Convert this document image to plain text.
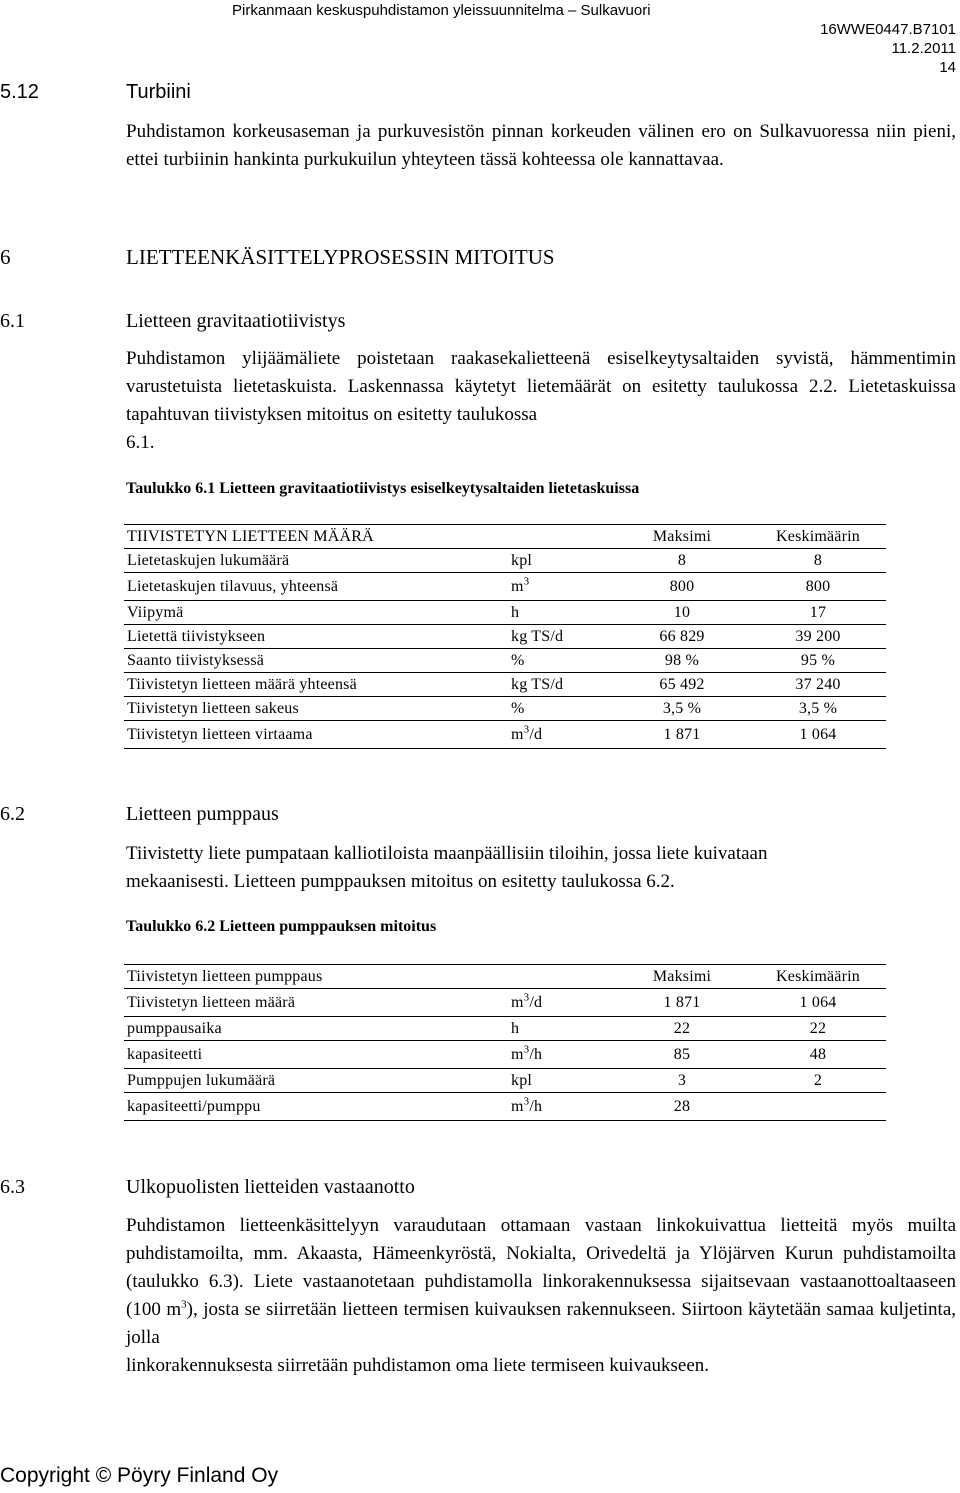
Pirkanmaan keskuspuhdistamon yleissuunnitelma – Sulkavuori
16WWE0447.B7101
11.2.2011
14
5.12	Turbiini
Puhdistamon korkeusaseman ja purkuvesistön pinnan korkeuden välinen ero on Sulkavuoressa niin pieni, ettei turbiinin hankinta purkukuilun yhteyteen tässä kohteessa ole kannattavaa.
6	LIETTEENKÄSITTELYPROSESSIN MITOITUS
6.1	Lietteen gravitaatiotiivistys
Puhdistamon ylijäämäliete poistetaan raakasekalietteenä esiselkeytysaltaiden syvistä, hämmentimin varustetuista lietetaskuista. Laskennassa käytetyt lietemäärät on esitetty taulukossa 2.2. Lietetaskuissa tapahtuvan tiivistyksen mitoitus on esitetty taulukossa
6.1.
Taulukko 6.1 Lietteen gravitaatiotiivistys esiselkeytysaltaiden lietetaskuissa
TIIVISTETYN LIETTEEN MÄÄRÄ		Maksimi	Keskimäärin
Lietetaskujen lukumäärä	kpl	8	8
Lietetaskujen tilavuus, yhteensä	$m^3$	800	800
Viipymä	h	10	17
Lietettä tiivistykseen	kg TS/d	66 829	39 200
Saanto tiivistyksessä	%	98 %	95 %
Tiivistetyn lietteen määrä yhteensä	kg TS/d	65 492	37 240
Tiivistetyn lietteen sakeus	%	3,5 %	3,5 %
Tiivistetyn lietteen virtaama	$m^3/d$	1 871	1 064
6.2	Lietteen pumppaus
Tiivistetty liete pumpataan kalliotiloista maanpäällisiin tiloihin, jossa liete kuivataan
mekaanisesti. Lietteen pumppauksen mitoitus on esitetty taulukossa 6.2.
Taulukko 6.2 Lietteen pumppauksen mitoitus
Tiivistetyn lietteen pumppaus		Maksimi	Keskimäärin
Tiivistetyn lietteen määrä	$m^3/d$	1 871	1 064
pumppausaika	h	22	22
kapasiteetti	$m^3/h$	85	48
Pumppujen lukumäärä	kpl	3	2
kapasiteetti/pumppu	$m^3/h$	28	
6.3	Ulkopuolisten lietteiden vastaanotto
Puhdistamon lietteenkäsittelyyn varaudutaan ottamaan vastaan linkokuivattua lietteitä myös muilta puhdistamoilta, mm. Akaasta, Hämeenkyröstä, Nokialta, Orivedeltä ja Ylöjärven Kurun puhdistamoilta (taulukko 6.3). Liete vastaanotetaan puhdistamolla linkorakennuksessa sijaitsevaan vastaanottoaltaaseen (100 $m^3$), josta se siirretään lietteen termisen kuivauksen rakennukseen. Siirtoon käytetään samaa kuljetinta, jolla
linkorakennuksesta siirretään puhdistamon oma liete termiseen kuivaukseen.
Copyright © Pöyry Finland Oy
